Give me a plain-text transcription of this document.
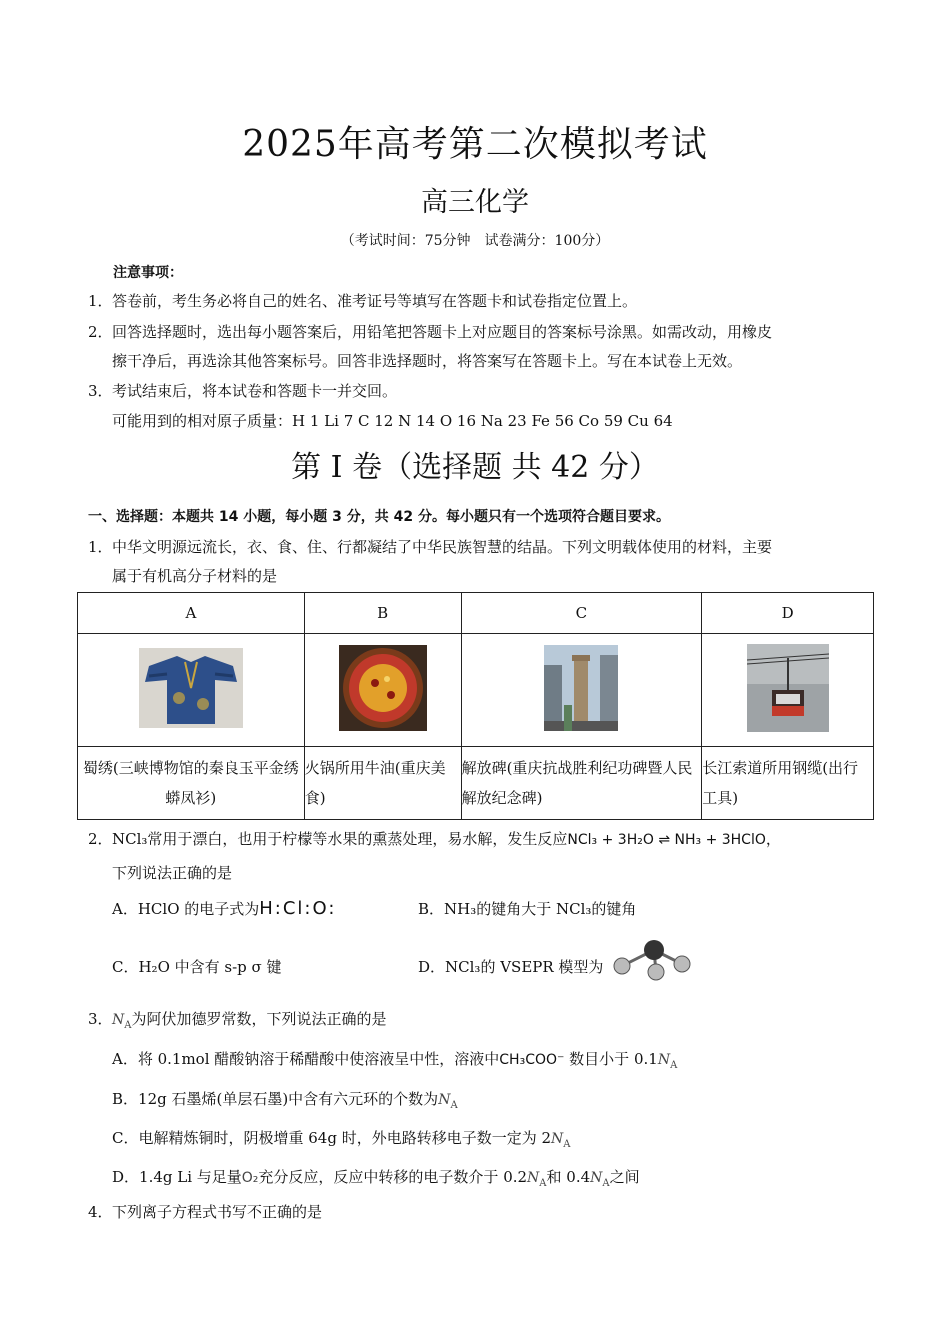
2025年高考第二次模拟考试
高三化学
（考试时间：75分钟　试卷满分：100分）
注意事项：
1．答卷前，考生务必将自己的姓名、准考证号等填写在答题卡和试卷指定位置上。
2．回答选择题时，选出每小题答案后，用铅笔把答题卡上对应题目的答案标号涂黑。如需改动，用橡皮
擦干净后，再选涂其他答案标号。回答非选择题时，将答案写在答题卡上。写在本试卷上无效。
3．考试结束后，将本试卷和答题卡一并交回。
可能用到的相对原子质量：H 1 Li 7 C 12 N 14 O 16 Na 23 Fe 56 Co 59 Cu 64
第 I 卷（选择题 共 42 分）
一、选择题：本题共 14 小题，每小题 3 分，共 42 分。每小题只有一个选项符合题目要求。
1．中华文明源远流长，衣、食、住、行都凝结了中华民族智慧的结晶。下列文明载体使用的材料，主要
属于有机高分子材料的是
A	B	C	D

蜀绣(三峡博物馆的秦良玉平金绣蟒凤衫)	火锅所用牛油(重庆美食)	解放碑(重庆抗战胜利纪功碑暨人民解放纪念碑)	长江索道所用钢缆(出行工具)
2．NCl₃常用于漂白，也用于柠檬等水果的熏蒸处理，易水解，发生反应NCl₃ + 3H₂O ⇌ NH₃ + 3HClO，
下列说法正确的是
A．HClO 的电子式为H:Cl:O:	B．NH₃的键角大于 NCl₃的键角
C．H₂O 中含有 s-p σ 键	D．NCl₃的 VSEPR 模型为
3．$N_A$为阿伏加德罗常数，下列说法正确的是
A．将 0.1mol 醋酸钠溶于稀醋酸中使溶液呈中性，溶液中CH₃COO⁻ 数目小于 $0.1N_A$
B．12g 石墨烯(单层石墨)中含有六元环的个数为$N_A$
C．电解精炼铜时，阴极增重 64g 时，外电路转移电子数一定为 $2N_A$
D．1.4g Li 与足量O₂充分反应，反应中转移的电子数介于 $0.2N_A$和 $0.4N_A$之间
4．下列离子方程式书写不正确的是
